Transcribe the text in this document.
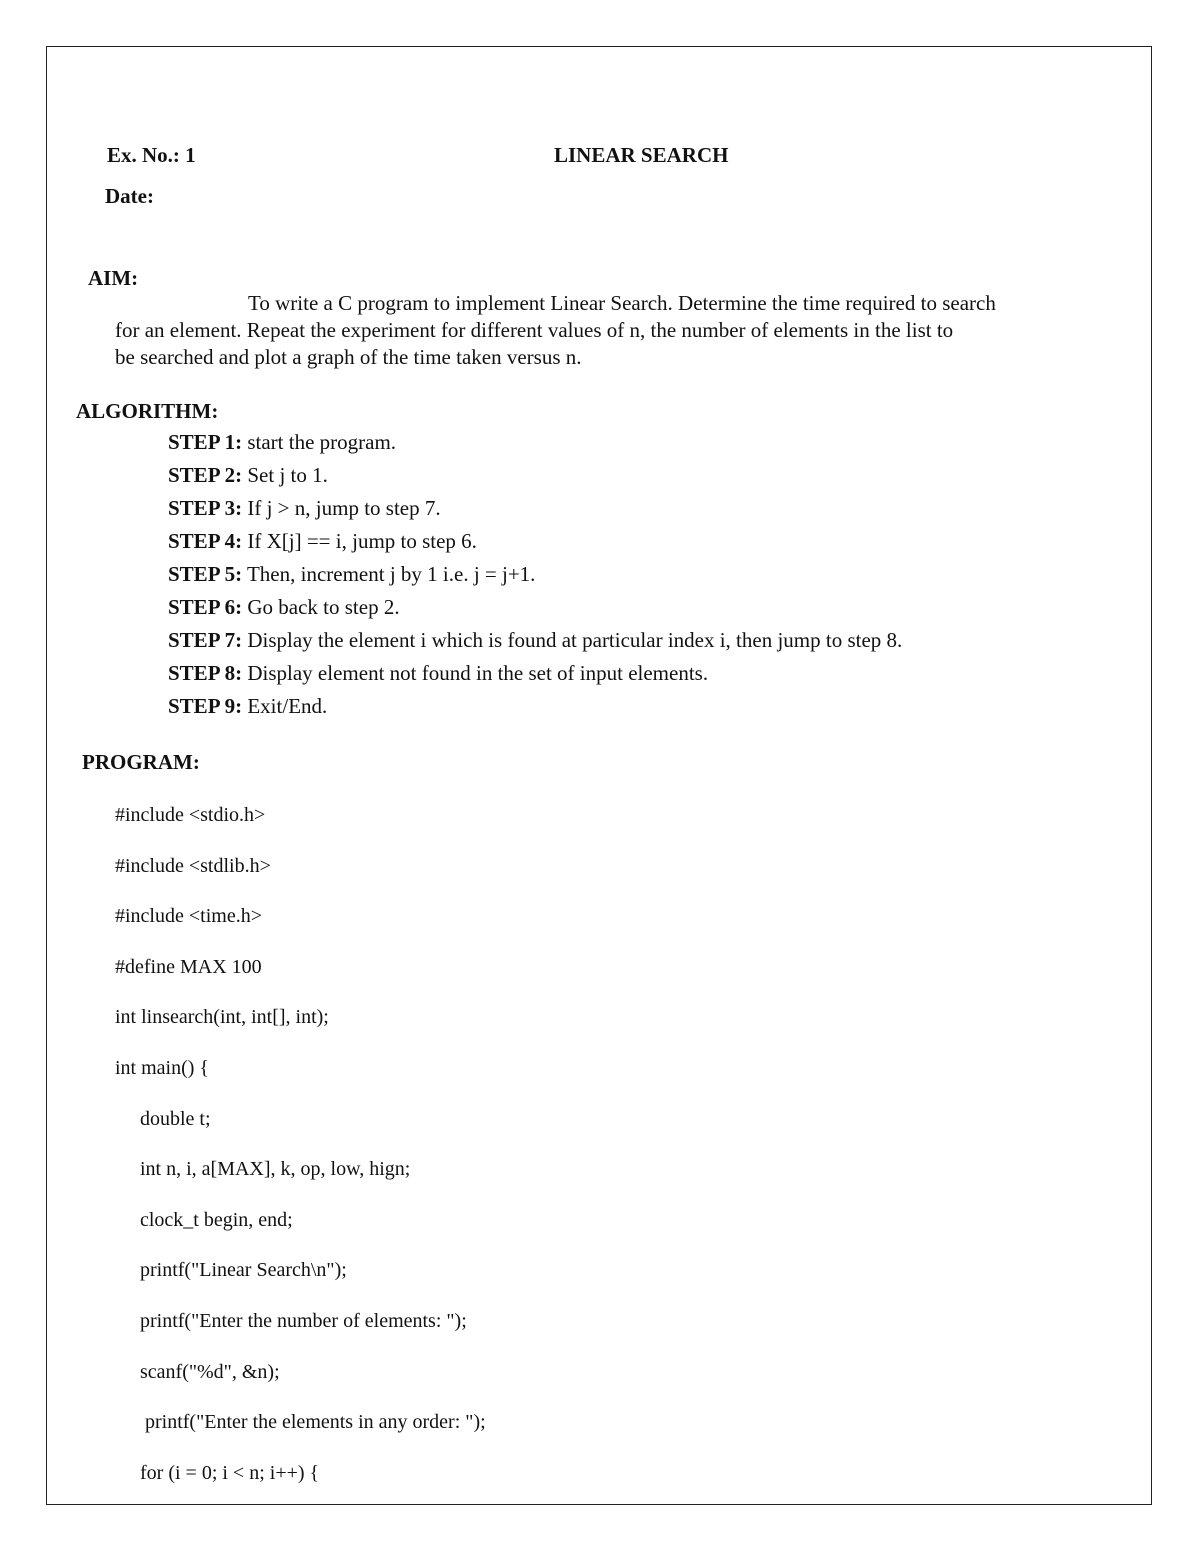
Ex. No.: 1	LINEAR SEARCH
Date:
AIM:
To write a C program to implement Linear Search. Determine the time required to search
for an element. Repeat the experiment for different values of n, the number of elements in the list to
be searched and plot a graph of the time taken versus n.
ALGORITHM:
STEP 1: start the program.
STEP 2: Set j to 1.
STEP 3: If j > n, jump to step 7.
STEP 4: If X[j] == i, jump to step 6.
STEP 5: Then, increment j by 1 i.e. j = j+1.
STEP 6: Go back to step 2.
STEP 7: Display the element i which is found at particular index i, then jump to step 8.
STEP 8: Display element not found in the set of input elements.
STEP 9: Exit/End.
PROGRAM:
#include <stdio.h>
#include <stdlib.h>
#include <time.h>
#define MAX 100
int linsearch(int, int[], int);
int main() {
double t;
int n, i, a[MAX], k, op, low, hign;
clock_t begin, end;
printf("Linear Search\n");
printf("Enter the number of elements: ");
scanf("%d", &n);
printf("Enter the elements in any order: ");
for (i = 0; i < n; i++) {
